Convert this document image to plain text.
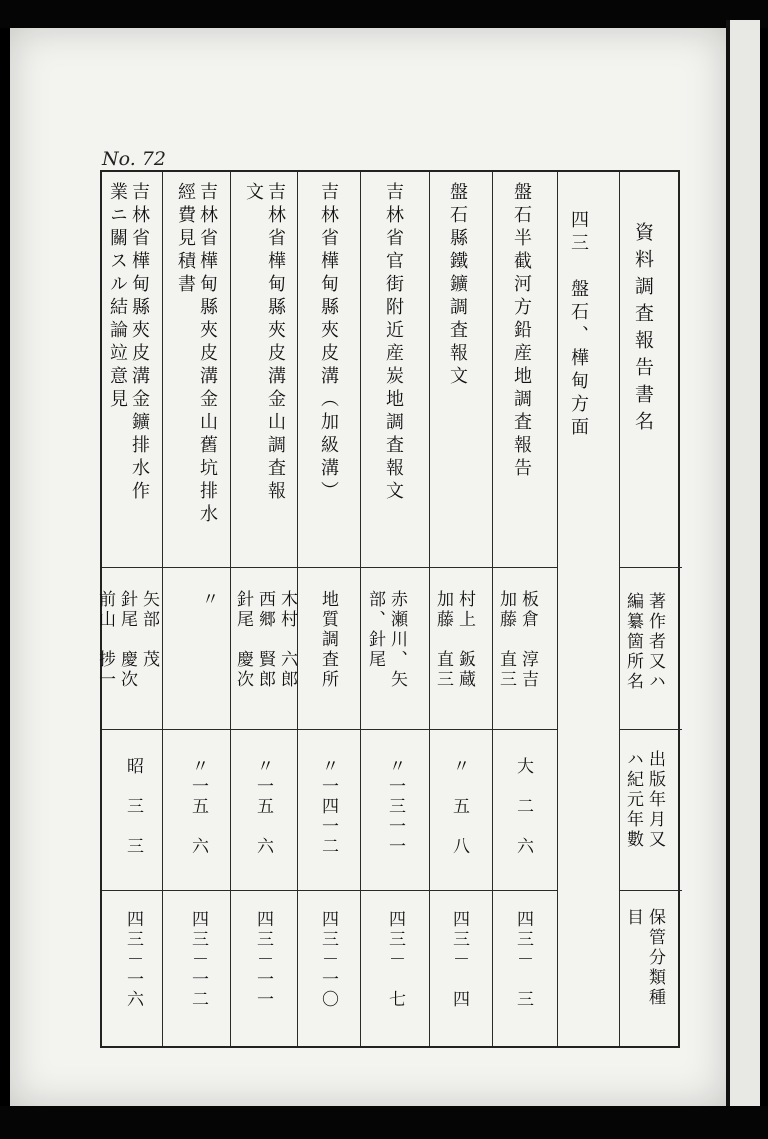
No. 72
資料調査報告書名
著作者又ハ
編纂箇所名
出版年月又
ハ紀元年數
保管分類種
目
四三　盤石、樺甸方面
盤石半截河方鉛産地調査報告
板倉　淳吉
加藤　直三
大　二　六
四三－　三
盤石縣鐵鑛調査報文
村上　鈑蔵
加藤　直三
〃　五　八
四三－　四
吉林省官街附近産炭地調査報文
赤瀬川、矢
部、針尾
〃一三一一
四三－　七
吉林省樺甸縣夾皮溝（加級溝）
地質調査所
〃一四一二
四三－一〇
吉林省樺甸縣夾皮溝金山調査報
文
木村　六郎
西郷　賢郎
針尾　慶次
〃一五　六
四三－一一
吉林省樺甸縣夾皮溝金山舊坑排水
經費見積書
〃
〃一五　六
四三－一二
吉林省樺甸縣夾皮溝金鑛排水作
業ニ關スル結論竝意見
矢部　茂
針尾　慶次
前山　捗一
昭　三　三
四三－一六
